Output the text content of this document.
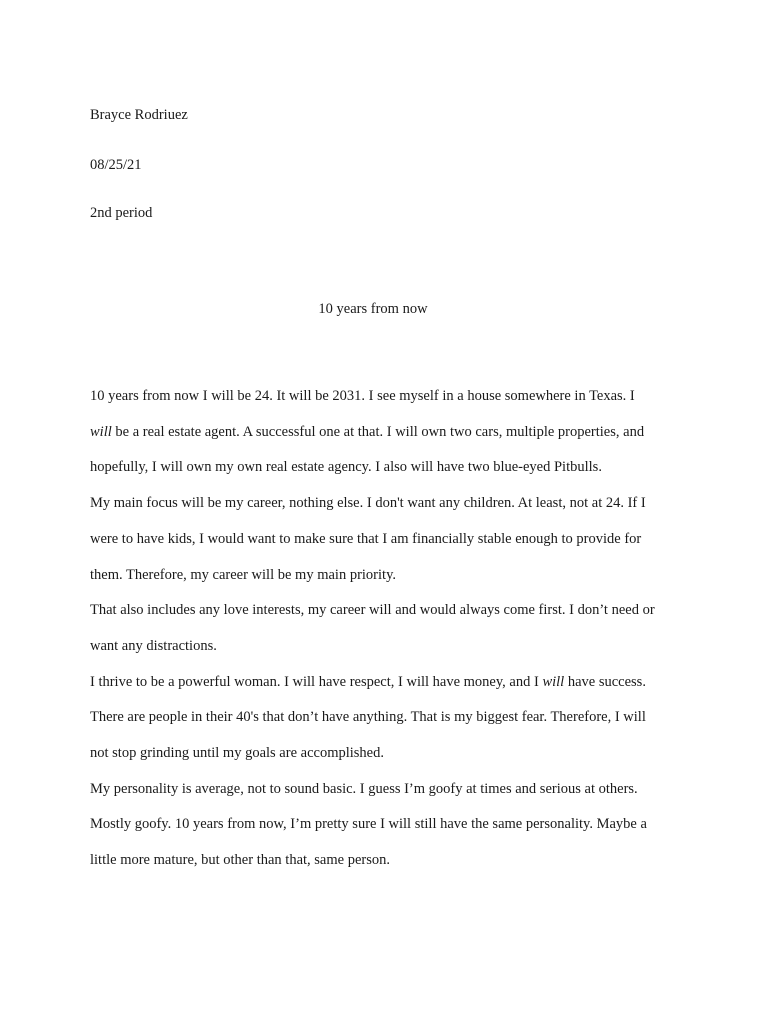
Brayce Rodriuez
08/25/21
2nd period
10 years from now

10 years from now I will be 24. It will be 2031. I see myself in a house somewhere in Texas. I

will be a real estate agent. A successful one at that. I will own two cars, multiple properties, and

hopefully, I will own my own real estate agency. I also will have two blue-eyed Pitbulls.

My main focus will be my career, nothing else. I don't want any children. At least, not at 24. If I

were to have kids, I would want to make sure that I am financially stable enough to provide for

them. Therefore, my career will be my main priority.

That also includes any love interests, my career will and would always come first. I don’t need or

want any distractions.

I thrive to be a powerful woman. I will have respect, I will have money, and I will have success.

There are people in their 40's that don’t have anything. That is my biggest fear. Therefore, I will

not stop grinding until my goals are accomplished.

My personality is average, not to sound basic. I guess I’m goofy at times and serious at others.

Mostly goofy. 10 years from now, I’m pretty sure I will still have the same personality. Maybe a

little more mature, but other than that, same person.
